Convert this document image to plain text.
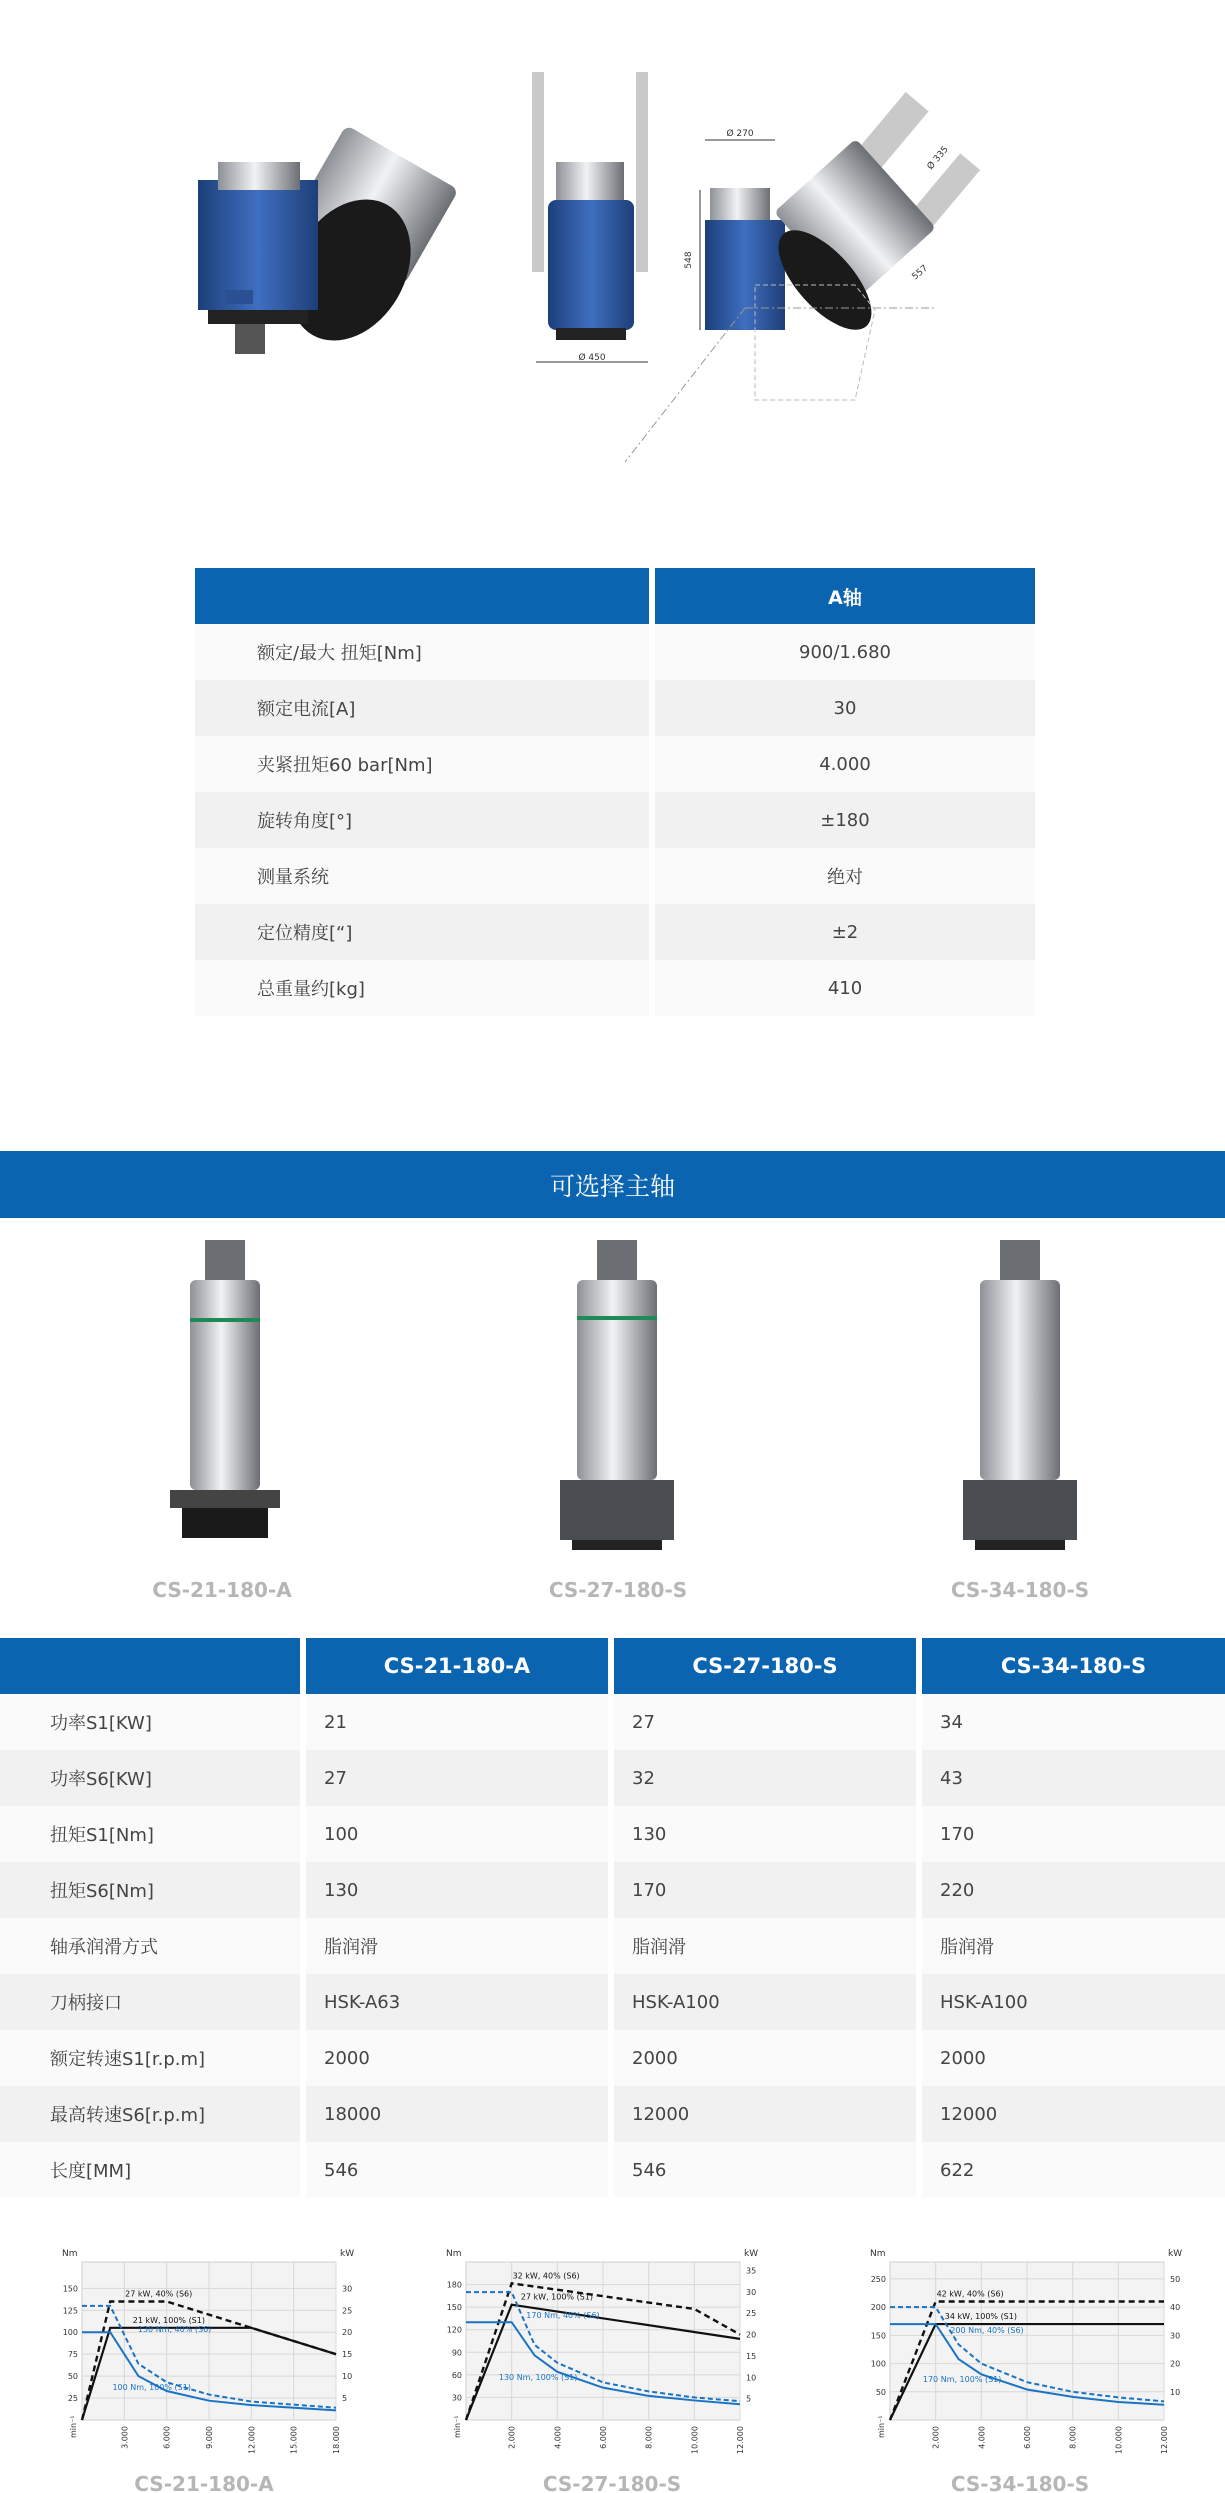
Ø 450
Ø 270
548
Ø 335
557
A轴
额定/最大 扭矩[Nm]	900/1.680
额定电流[A]	30
夹紧扭矩60 bar[Nm]	4.000
旋转角度[°]	±180
测量系统	绝对
定位精度[“]	±2
总重量约[kg]	410
可选择主轴
CS-21-180-A	CS-27-180-S	CS-34-180-S
CS-21-180-A	CS-27-180-S	CS-34-180-S
功率S1[KW]	21	27	34
功率S6[KW]	27	32	43
扭矩S1[Nm]	100	130	170
扭矩S6[Nm]	130	170	220
轴承润滑方式	脂润滑	脂润滑	脂润滑
刀柄接口	HSK-A63	HSK-A100	HSK-A100
额定转速S1[r.p.m]	2000	2000	2000
最高转速S6[r.p.m]	18000	12000	12000
长度[MM]	546	546	622
Nm	kW
min⁻¹
25
50
75
100
125
150
5
10
15
20
25
30
3.000	6.000	9.000	12.000	15.000	18.000
27 kW, 40% (S6)
21 kW, 100% (S1)
130 Nm, 40% (S6)
100 Nm, 100% (S1)
CS-21-180-A
Nm	kW
min⁻¹
30
60
90
120
150
180
5
10
15
20
25
30
35
2.000	4.000	6.000	8.000	10.000	12.000
32 kW, 40% (S6)
27 kW, 100% (S1)
170 Nm, 40% (S6)
130 Nm, 100% (S1)
CS-27-180-S
Nm	kW
min⁻¹
50
100
150
200
250
10
20
30
40
50
2.000	4.000	6.000	8.000	10.000	12.000
42 kW, 40% (S6)
34 kW, 100% (S1)
200 Nm, 40% (S6)
170 Nm, 100% (S1)
CS-34-180-S
